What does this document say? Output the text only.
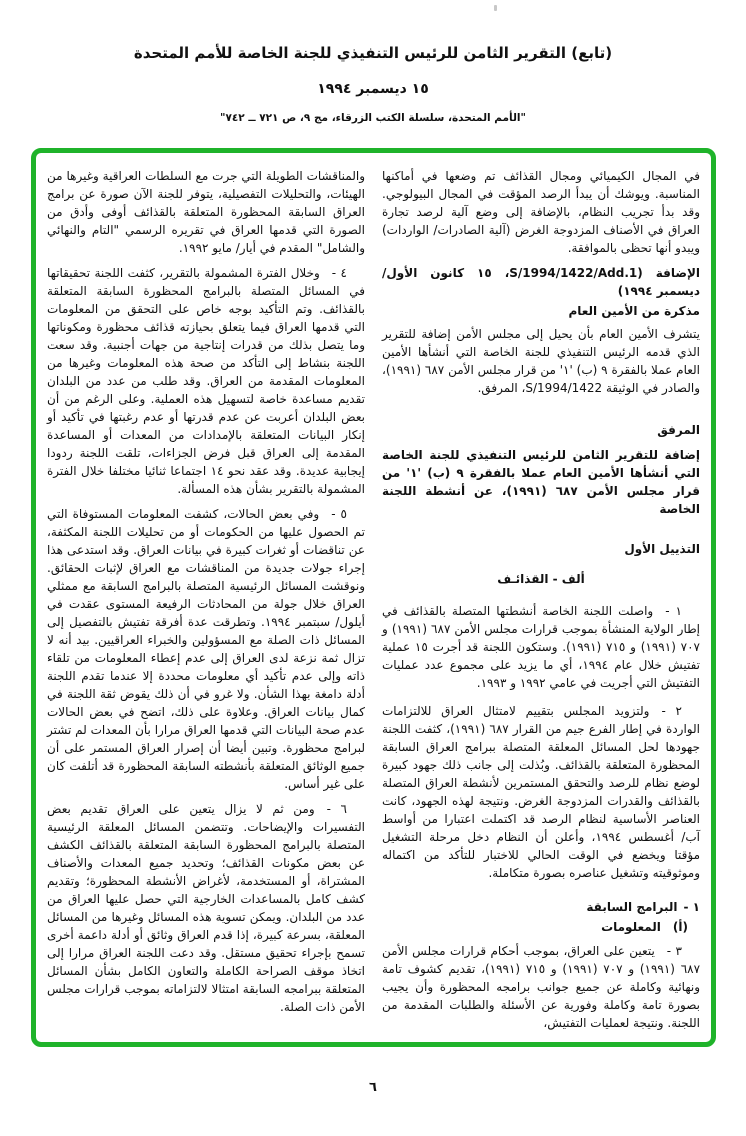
(تابع) التقرير الثامن للرئيس التنفيذي للجنة الخاصة للأمم المتحدة
١٥ ديسمبر ١٩٩٤
"الأمم المتحدة، سلسلة الكتب الزرقاء، مج ٩، ص ٧٢١ ــ ٧٤٢"

في المجال الكيميائي ومجال القذائف تم وضعها في أماكنها المناسبة. ويوشك أن يبدأ الرصد المؤقت في المجال البيولوجي. وقد بدأ تجريب النظام، بالإضافة إلى وضع آلية لرصد تجارة العراق في الأصناف المزدوجة الغرض (آلية الصادرات/ الواردات) ويبدو أنها تحظى بالموافقة.

الإضافة (S/1994/1422/Add.1، ١٥ كانون الأول/ ديسمبر ١٩٩٤)
مذكرة من الأمين العام

يتشرف الأمين العام بأن يحيل إلى مجلس الأمن إضافة للتقرير الذي قدمه الرئيس التنفيذي للجنة الخاصة التي أنشأها الأمين العام عملا بالفقرة ٩ (ب) '١' من قرار مجلس الأمن ٦٨٧ (١٩٩١)، والصادر في الوثيقة S/1994/1422، المرفق.

المرفق

إضافة للتقرير الثامن للرئيس التنفيذي للجنة الخاصة التي أنشأها الأمين العام عملا بالفقرة ٩ (ب) '١' من قرار مجلس الأمن ٦٨٧ (١٩٩١)، عن أنشطة اللجنة الخاصة

التذييل الأول
ألف - القذائـف

١ - واصلت اللجنة الخاصة أنشطتها المتصلة بالقذائف في إطار الولاية المنشأة بموجب قرارات مجلس الأمن ٦٨٧ (١٩٩١) و ٧٠٧ (١٩٩١) و ٧١٥ (١٩٩١). وستكون اللجنة قد أجرت ١٥ عملية تفتيش خلال عام ١٩٩٤، أي ما يزيد على مجموع عدد عمليات التفتيش التي أجريت في عامي ١٩٩٢ و ١٩٩٣.

٢ - ولتزويد المجلس بتقييم لامتثال العراق للالتزامات الواردة في إطار الفرع جيم من القرار ٦٨٧ (١٩٩١)، كثفت اللجنة جهودها لحل المسائل المعلقة المتصلة ببرامج العراق السابقة المحظورة المتعلقة بالقذائف. وبُذلت إلى جانب ذلك جهود كبيرة لوضع نظام للرصد والتحقق المستمرين لأنشطة العراق المتصلة بالقذائف والقدرات المزدوجة الغرض. ونتيجة لهذه الجهود، كانت العناصر الأساسية لنظام الرصد قد اكتملت اعتبارا من أواسط آب/ أغسطس ١٩٩٤، وأعلن أن النظام دخل مرحلة التشغيل مؤقتا ويخضع في الوقت الحالي للاختبار للتأكد من اكتماله وموثوقيته وتشغيل عناصره بصورة متكاملة.

١ - البرامج السابقة
(أ) المعلومات

٣ - يتعين على العراق، بموجب أحكام قرارات مجلس الأمن ٦٨٧ (١٩٩١) و ٧٠٧ (١٩٩١) و ٧١٥ (١٩٩١)، تقديم كشوف تامة ونهائية وكاملة عن جميع جوانب برامجه المحظورة وأن يجيب بصورة تامة وكاملة وفورية عن الأسئلة والطلبات المقدمة من اللجنة. ونتيجة لعمليات التفتيش،

والمناقشات الطويلة التي جرت مع السلطات العراقية وغيرها من الهيئات، والتحليلات التفصيلية، يتوفر للجنة الآن صورة عن برامج العراق السابقة المحظورة المتعلقة بالقذائف أوفى وأدق من الصورة التي قدمها العراق في تقريره الرسمي "التام والنهائي والشامل" المقدم في أيار/ مايو ١٩٩٢.

٤ - وخلال الفترة المشمولة بالتقرير، كثفت اللجنة تحقيقاتها في المسائل المتصلة بالبرامج المحظورة السابقة المتعلقة بالقذائف. وتم التأكيد بوجه خاص على التحقق من المعلومات التي قدمها العراق فيما يتعلق بحيازته قذائف محظورة ومكوناتها وما يتصل بذلك من قدرات إنتاجية من جهات أجنبية. وقد سعت اللجنة بنشاط إلى التأكد من صحة هذه المعلومات وغيرها من المعلومات المقدمة من العراق. وقد طلب من عدد من البلدان تقديم مساعدة خاصة لتسهيل هذه العملية. وعلى الرغم من أن بعض البلدان أعربت عن عدم قدرتها أو عدم رغبتها في تأكيد أو إنكار البيانات المتعلقة بالإمدادات من المعدات أو المساعدة المقدمة إلى العراق قبل فرض الجزاءات، تلقت اللجنة ردودا إيجابية عديدة. وقد عقد نحو ١٤ اجتماعا ثنائيا مختلفا خلال الفترة المشمولة بالتقرير بشأن هذه المسألة.

٥ - وفي بعض الحالات، كشفت المعلومات المستوفاة التي تم الحصول عليها من الحكومات أو من تحليلات اللجنة المكثفة، عن تناقضات أو ثغرات كبيرة في بيانات العراق. وقد استدعى هذا إجراء جولات جديدة من المناقشات مع العراق لإثبات الحقائق. ونوقشت المسائل الرئيسية المتصلة بالبرامج السابقة مع ممثلي العراق خلال جولة من المحادثات الرفيعة المستوى عقدت في أيلول/ سبتمبر ١٩٩٤. وتطرقت عدة أفرقة تفتيش بالتفصيل إلى المسائل ذات الصلة مع المسؤولين والخبراء العراقيين. بيد أنه لا تزال ثمة نزعة لدى العراق إلى عدم إعطاء المعلومات من تلقاء ذاته وإلى عدم تأكيد أي معلومات محددة إلا عندما تقدم اللجنة أدلة دامغة بهذا الشأن. ولا غرو في أن ذلك يقوض ثقة اللجنة في كمال بيانات العراق. وعلاوة على ذلك، اتضح في بعض الحالات عدم صحة البيانات التي قدمها العراق مرارا بأن المعدات لم تشتر لبرامج محظورة. وتبين أيضا أن إصرار العراق المستمر على أن جميع الوثائق المتعلقة بأنشطته السابقة المحظورة قد أتلفت كان على غير أساس.

٦ - ومن ثم لا يزال يتعين على العراق تقديم بعض التفسيرات والإيضاحات. وتتضمن المسائل المعلقة الرئيسية المتصلة بالبرامج المحظورة السابقة المتعلقة بالقذائف الكشف عن بعض مكونات القذائف؛ وتحديد جميع المعدات والأصناف المشتراة، أو المستخدمة، لأغراض الأنشطة المحظورة؛ وتقديم كشف كامل بالمساعدات الخارجية التي حصل عليها العراق من عدد من البلدان. ويمكن تسوية هذه المسائل وغيرها من المسائل المعلقة، بسرعة كبيرة، إذا قدم العراق وثائق أو أدلة داعمة أخرى تسمح بإجراء تحقيق مستقل. وقد دعت اللجنة العراق مرارا إلى اتخاذ موقف الصراحة الكاملة والتعاون الكامل بشأن المسائل المتعلقة ببرامجه السابقة امتثالا لالتزاماته بموجب قرارات مجلس الأمن ذات الصلة.

٦
